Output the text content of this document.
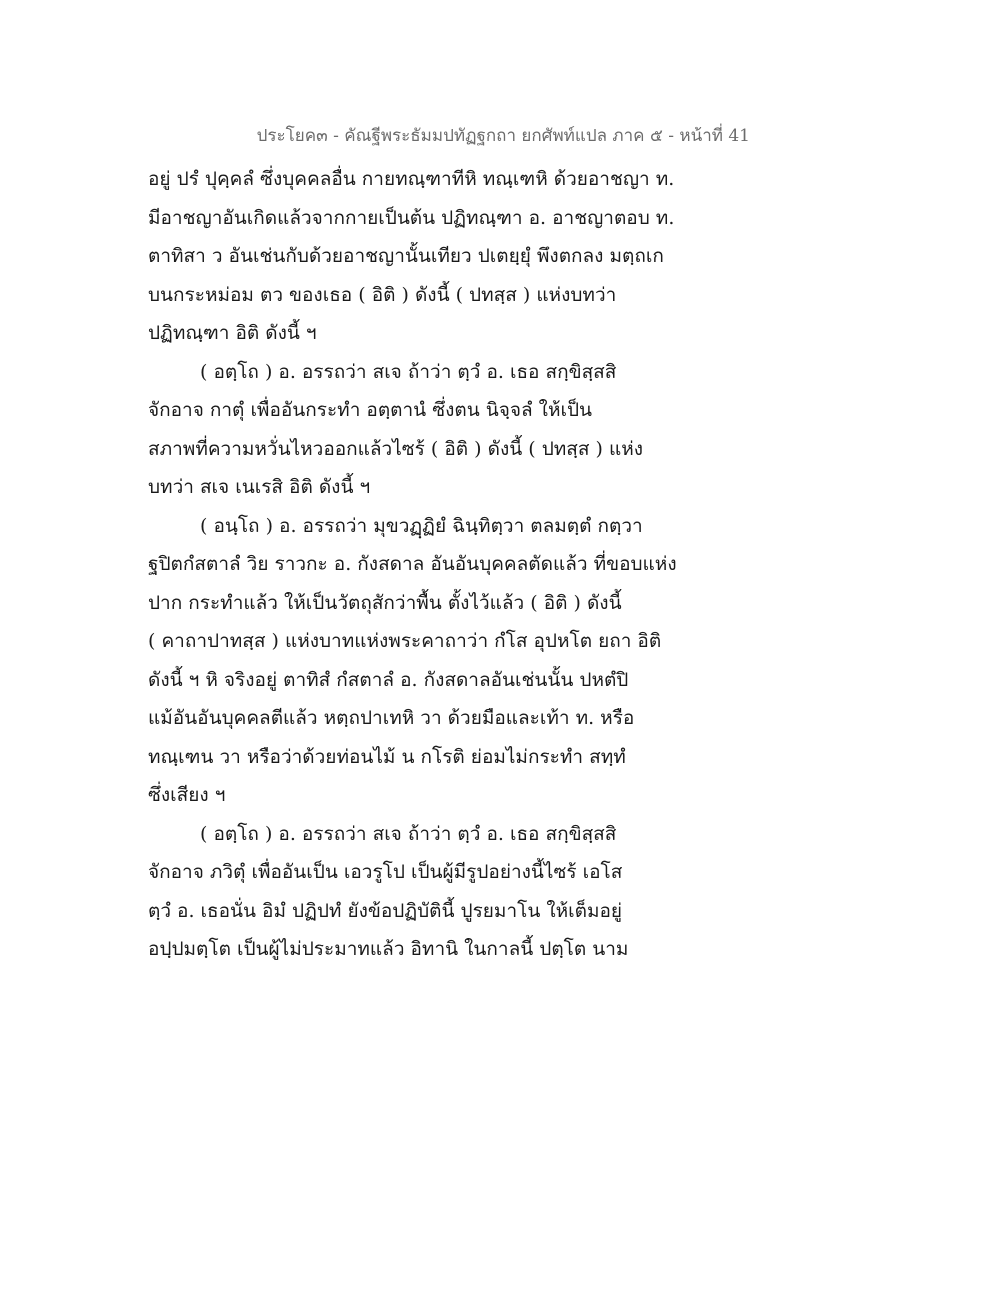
ประโยค๓ - คัณฐีพระธัมมปทัฏฐกถา ยกศัพท์แปล ภาค ๕ - หน้าที่ 41
อยู่ ปรํ ปุคฺคลํ ซึ่งบุคคลอื่น กายทณฺฑาทีหิ ทณฺเฑหิ ด้วยอาชญา ท.
มีอาชญาอันเกิดแล้วจากกายเป็นต้น ปฏิทณฺฑา อ. อาชญาตอบ ท.
ตาทิสา ว อันเช่นกับด้วยอาชญานั้นเทียว ปเตยฺยุํ พึงตกลง มตฺถเก
บนกระหม่อม ตว ของเธอ ( อิติ ) ดังนี้ ( ปทสฺส ) แห่งบทว่า
ปฏิทณฺฑา อิติ ดังนี้ ฯ
( อตฺโถ ) อ. อรรถว่า สเจ ถ้าว่า ตฺวํ อ. เธอ สกฺขิสฺสสิ
จักอาจ กาตุํ เพื่ออันกระทำ อตฺตานํ ซึ่งตน นิจฺจลํ ให้เป็น
สภาพที่ความหวั่นไหวออกแล้วไซร้ ( อิติ ) ดังนี้ ( ปทสฺส ) แห่ง
บทว่า สเจ เนเรสิ อิติ ดังนี้ ฯ
( อนฺโถ ) อ. อรรถว่า มุขวฏฺฏิยํ ฉินฺทิตฺวา ตลมตฺตํ กตฺวา
ฐปิตกํสตาลํ วิย ราวกะ อ. กังสดาล อันอันบุคคลตัดแล้ว ที่ขอบแห่ง
ปาก กระทำแล้ว ให้เป็นวัตถุสักว่าพื้น ตั้งไว้แล้ว ( อิติ ) ดังนี้
( คาถาปาทสฺส ) แห่งบาทแห่งพระคาถาว่า กํโส อุปหโต ยถา อิติ
ดังนี้ ฯ หิ จริงอยู่ ตาทิสํ กํสตาลํ อ. กังสดาลอันเช่นนั้น ปหตํปิ
แม้อันอันบุคคลตีแล้ว หตฺถปาเทหิ วา ด้วยมือและเท้า ท. หรือ
ทณฺเฑน วา หรือว่าด้วยท่อนไม้ น กโรติ ย่อมไม่กระทำ สทฺทํ
ซึ่งเสียง ฯ
( อตฺโถ ) อ. อรรถว่า สเจ ถ้าว่า ตฺวํ อ. เธอ สกฺขิสฺสสิ
จักอาจ ภวิตุํ เพื่ออันเป็น เอวรูโป เป็นผู้มีรูปอย่างนี้ไซร้ เอโส
ตฺวํ อ. เธอนั่น อิมํ ปฏิปทํ ยังข้อปฏิบัตินี้ ปูรยมาโน ให้เต็มอยู่
อปฺปมตฺโต เป็นผู้ไม่ประมาทแล้ว อิทานิ ในกาลนี้ ปตฺโต นาม
